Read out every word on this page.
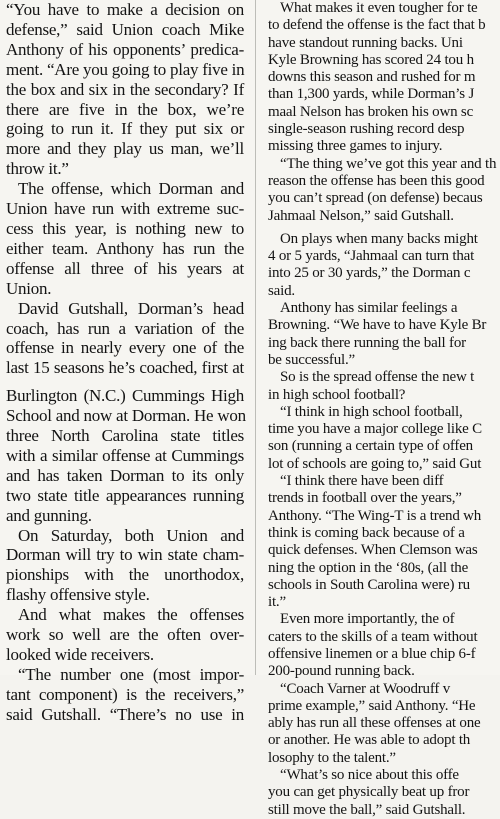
“You have to make a decision on
defense,” said Union coach Mike
Anthony of his opponents’ predica-
ment. “Are you going to play five in
the box and six in the secondary? If
there are five in the box, we’re
going to run it. If they put six or
more and they play us man, we’ll
throw it.”
The offense, which Dorman and
Union have run with extreme suc-
cess this year, is nothing new to
either team. Anthony has run the
offense all three of his years at
Union.
David Gutshall, Dorman’s head
coach, has run a variation of the
offense in nearly every one of the
last 15 seasons he’s coached, first at
Burlington (N.C.) Cummings High
School and now at Dorman. He won
three North Carolina state titles
with a similar offense at Cummings
and has taken Dorman to its only
two state title appearances running
and gunning.
On Saturday, both Union and
Dorman will try to win state cham-
pionships with the unorthodox,
flashy offensive style.
And what makes the offenses
work so well are the often over-
looked wide receivers.
“The number one (most impor-
tant component) is the receivers,”
said Gutshall. “There’s no use in
What makes it even tougher for te
to defend the offense is the fact that b
have standout running backs. Uni
Kyle Browning has scored 24 tou h
downs this season and rushed for m
than 1,300 yards, while Dorman’s J
maal Nelson has broken his own sc
single-season rushing record desp
missing three games to injury.
“The thing we’ve got this year and th
reason the offense has been this good
you can’t spread (on defense) becaus
Jahmaal Nelson,” said Gutshall.
On plays when many backs might
4 or 5 yards, “Jahmaal can turn that
into 25 or 30 yards,” the Dorman c
said.
Anthony has similar feelings a
Browning. “We have to have Kyle Br
ing back there running the ball for
be successful.”
So is the spread offense the new t
in high school football?
“I think in high school football,
time you have a major college like C
son (running a certain type of offen
lot of schools are going to,” said Gut
“I think there have been diff
trends in football over the years,”
Anthony. “The Wing-T is a trend wh
think is coming back because of a
quick defenses. When Clemson was
ning the option in the ‘80s, (all the
schools in South Carolina were) ru
it.”
Even more importantly, the of
caters to the skills of a team without
offensive linemen or a blue chip 6-f
200-pound running back.
“Coach Varner at Woodruff v
prime example,” said Anthony. “He
ably has run all these offenses at one
or another. He was able to adopt th
losophy to the talent.”
“What’s so nice about this offe
you can get physically beat up fror
still move the ball,” said Gutshall.
